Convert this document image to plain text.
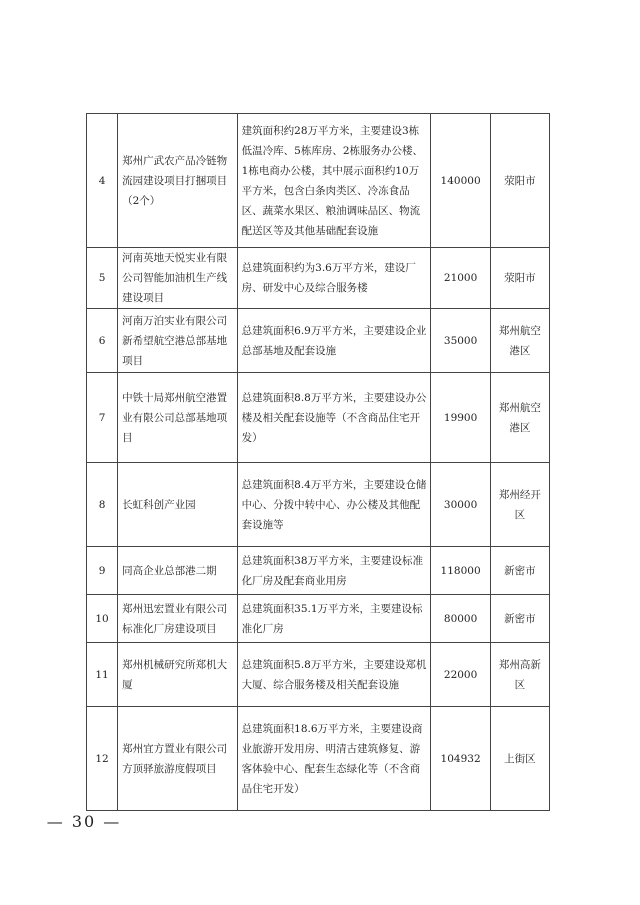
4	郑州广武农产品冷链物流园建设项目打捆项目（2个）	建筑面积约28万平方米，主要建设3栋低温冷库、5栋库房、2栋服务办公楼、1栋电商办公楼，其中展示面积约10万平方米，包含白条肉类区、冷冻食品区、蔬菜水果区、粮油调味品区、物流配送区等及其他基础配套设施	140000	荥阳市
5	河南英地天悦实业有限公司智能加油机生产线建设项目	总建筑面积约为3.6万平方米，建设厂房、研发中心及综合服务楼	21000	荥阳市
6	河南万泊实业有限公司新希望航空港总部基地项目	总建筑面积6.9万平方米，主要建设企业总部基地及配套设施	35000	郑州航空港区
7	中铁十局郑州航空港置业有限公司总部基地项目	总建筑面积8.8万平方米，主要建设办公楼及相关配套设施等（不含商品住宅开发）	19900	郑州航空港区
8	长虹科创产业园	总建筑面积8.4万平方米，主要建设仓储中心、分拨中转中心、办公楼及其他配套设施等	30000	郑州经开区
9	同高企业总部港二期	总建筑面积38万平方米，主要建设标准化厂房及配套商业用房	118000	新密市
10	郑州迅宏置业有限公司标准化厂房建设项目	总建筑面积35.1万平方米，主要建设标准化厂房	80000	新密市
11	郑州机械研究所郑机大厦	总建筑面积5.8万平方米，主要建设郑机大厦、综合服务楼及相关配套设施	22000	郑州高新区
12	郑州宜方置业有限公司方顶驿旅游度假项目	总建筑面积18.6万平方米，主要建设商业旅游开发用房、明清古建筑修复、游客体验中心、配套生态绿化等（不含商品住宅开发）	104932	上街区
— 30 —
